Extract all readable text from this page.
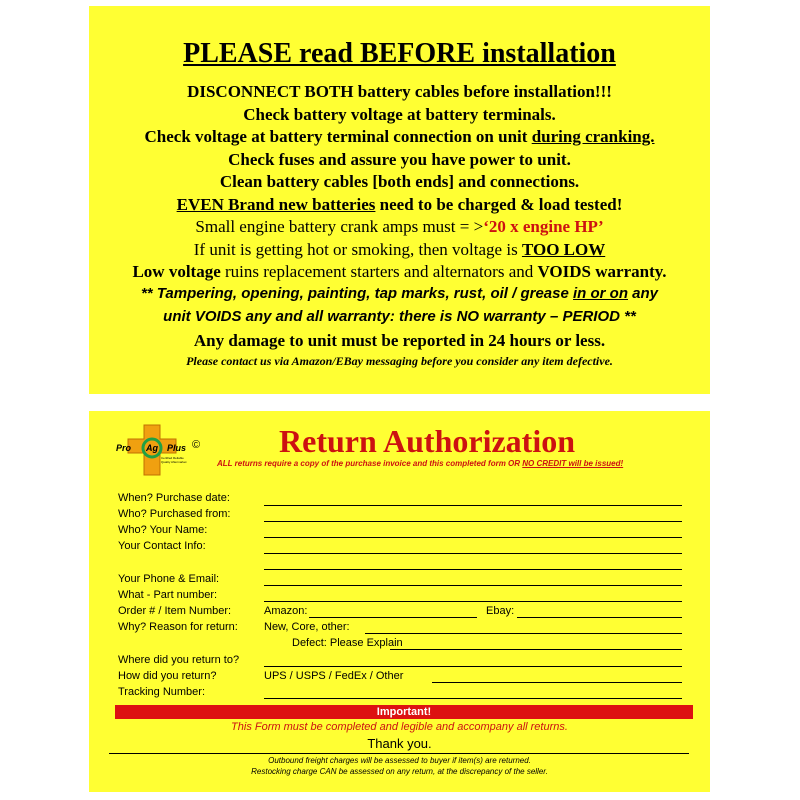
PLEASE read BEFORE installation
DISCONNECT BOTH battery cables before installation!!!
Check battery voltage at battery terminals.
Check voltage at battery terminal connection on unit during cranking.
Check fuses and assure you have power to unit.
Clean battery cables [both ends] and connections.
EVEN Brand new batteries need to be charged & load tested!
Small engine battery crank amps must = >‘20 x engine HP’
If unit is getting hot or smoking, then voltage is TOO LOW
Low voltage ruins replacement starters and alternators and VOIDS warranty.
** Tampering, opening, painting, tap marks, rust, oil / grease in or on any
unit VOIDS any and all warranty: there is NO warranty – PERIOD **
Any damage to unit must be reported in 24 hours or less.
Please contact us via Amazon/EBay messaging before you consider any item defective.
Pro Ag Plus ©
Certified Reliable Quality Aftermarket
Return Authorization
ALL returns require a copy of the purchase invoice and this completed form OR NO CREDIT will be issued!
When? Purchase date:
Who? Purchased from:
Who? Your Name:
Your Contact Info:
Your Phone & Email:
What - Part number:
Order # / Item Number:	Amazon:	Ebay:
Why? Reason for return: New, Core, other:
Defect: Please Explain
Where did you return to?
How did you return?	UPS / USPS / FedEx / Other
Tracking Number:
Important!
This Form must be completed and legible and accompany all returns.
Thank you.
Outbound freight charges will be assessed to buyer if item(s) are returned.
Restocking charge CAN be assessed on any return, at the discrepancy of the seller.
